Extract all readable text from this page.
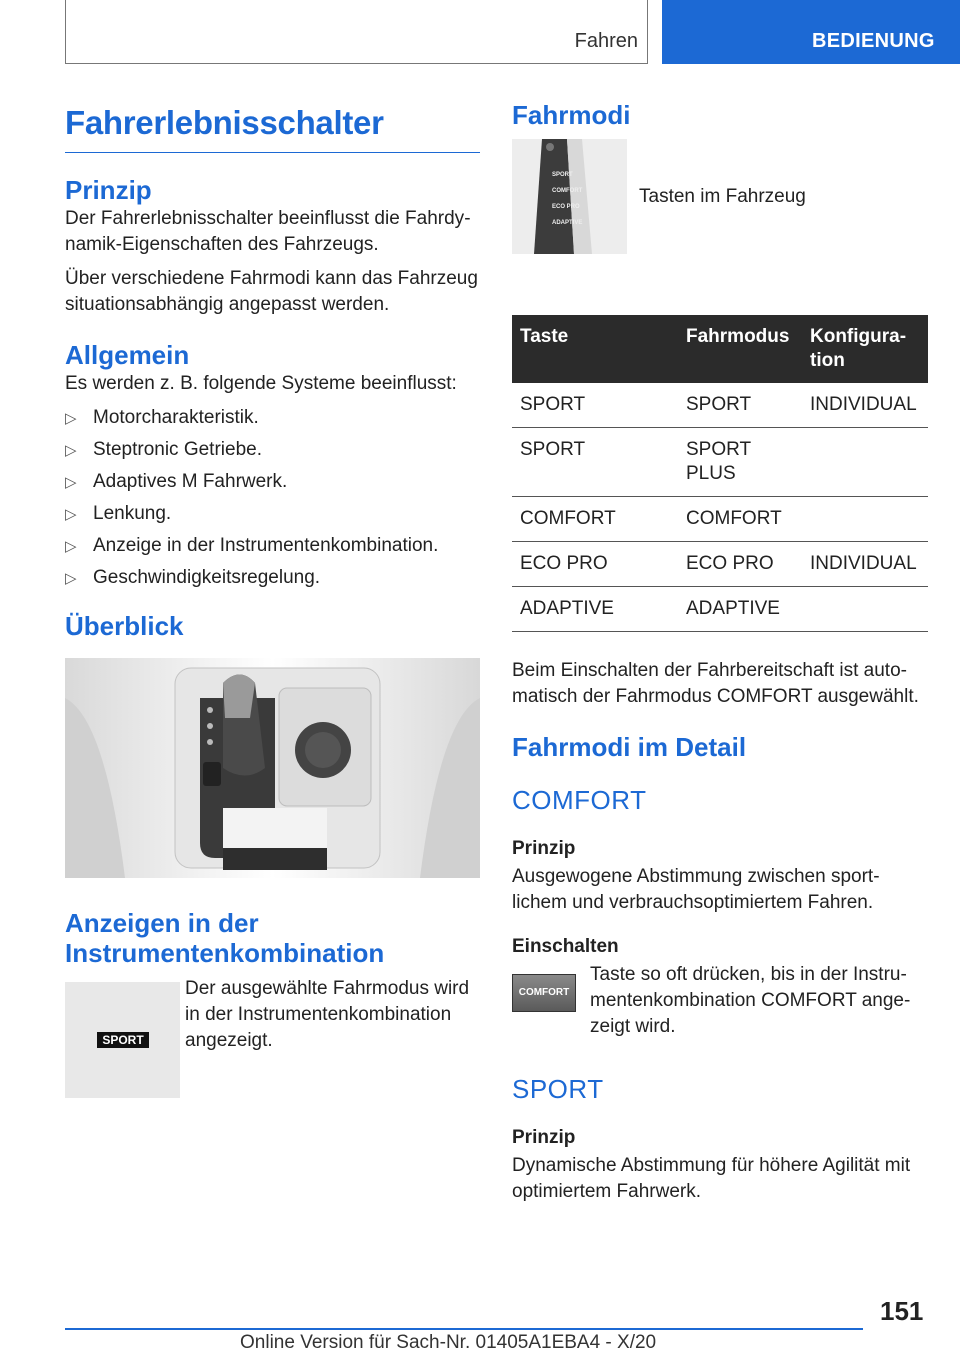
Fahren	BEDIENUNG
Fahrerlebnisschalter
Prinzip

Der Fahrerlebnisschalter beeinflusst die Fahrdynamik-Eigenschaften des Fahrzeugs.

Über verschiedene Fahrmodi kann das Fahrzeug situationsabhängig angepasst werden.

Allgemein

Es werden z. B. folgende Systeme beeinflusst:

▷ Motorcharakteristik.
▷ Steptronic Getriebe.
▷ Adaptives M Fahrwerk.
▷ Lenkung.
▷ Anzeige in der Instrumentenkombination.
▷ Geschwindigkeitsregelung.
Überblick
Anzeigen in der Instrumentenkombination
SPORT

Der ausgewählte Fahrmodus wird in der Instrumentenkombination angezeigt.

Fahrmodi
SPORT
COMFORT
ECO PRO
ADAPTIVE

Tasten im Fahrzeug

Taste	Fahrmodus	Konfiguration
SPORT	SPORT	INDIVIDUAL
SPORT	SPORT PLUS	
COMFORT	COMFORT	
ECO PRO	ECO PRO	INDIVIDUAL
ADAPTIVE	ADAPTIVE	

Beim Einschalten der Fahrbereitschaft ist automatisch der Fahrmodus COMFORT ausgewählt.

Fahrmodi im Detail
COMFORT
Prinzip

Ausgewogene Abstimmung zwischen sportlichem und verbrauchsoptimiertem Fahren.

Einschalten
COMFORT

Taste so oft drücken, bis in der Instrumentenkombination COMFORT angezeigt wird.

SPORT
Prinzip

Dynamische Abstimmung für höhere Agilität mit optimiertem Fahrwerk.

151
Online Version für Sach-Nr. 01405A1EBA4 - X/20
